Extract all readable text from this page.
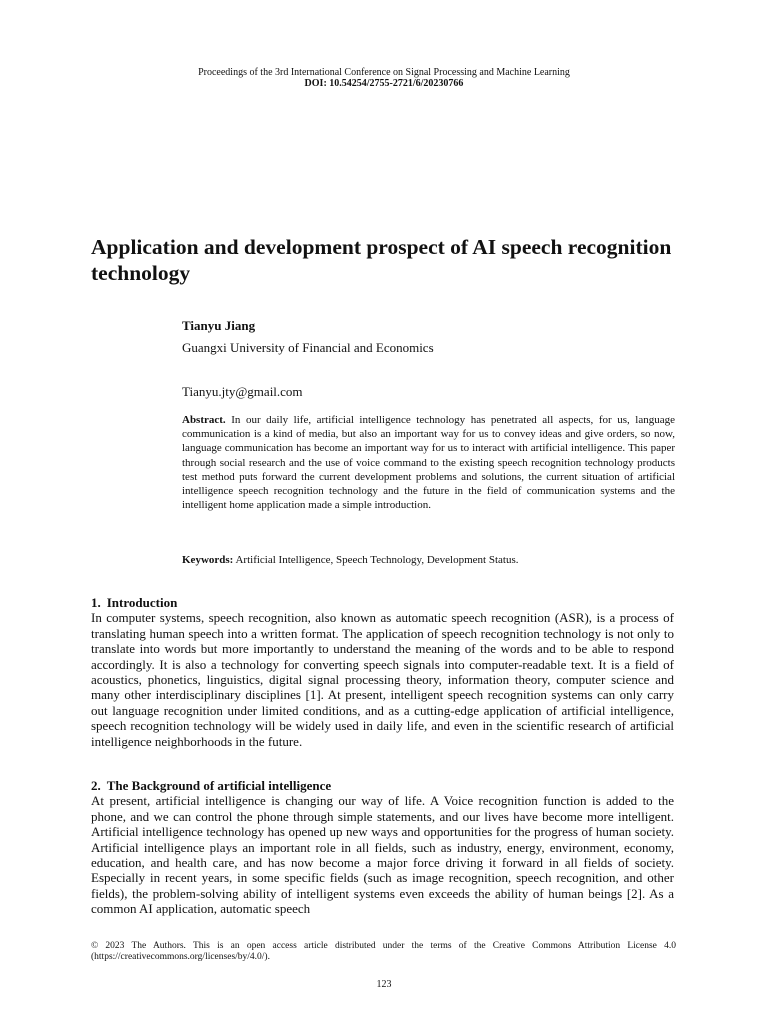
Proceedings of the 3rd International Conference on Signal Processing and Machine Learning
DOI: 10.54254/2755-2721/6/20230766
Application and development prospect of AI speech recognition technology
Tianyu Jiang
Guangxi University of Financial and Economics
Tianyu.jty@gmail.com

Abstract. In our daily life, artificial intelligence technology has penetrated all aspects, for us, language communication is a kind of media, but also an important way for us to convey ideas and give orders, so now, language communication has become an important way for us to interact with artificial intelligence. This paper through social research and the use of voice command to the existing speech recognition technology products test method puts forward the current development problems and solutions, the current situation of artificial intelligence speech recognition technology and the future in the field of communication systems and the intelligent home application made a simple introduction.

Keywords: Artificial Intelligence, Speech Technology, Development Status.

1. Introduction

In computer systems, speech recognition, also known as automatic speech recognition (ASR), is a process of translating human speech into a written format. The application of speech recognition technology is not only to translate into words but more importantly to understand the meaning of the words and to be able to respond accordingly. It is also a technology for converting speech signals into computer-readable text. It is a field of acoustics, phonetics, linguistics, digital signal processing theory, information theory, computer science and many other interdisciplinary disciplines [1]. At present, intelligent speech recognition systems can only carry out language recognition under limited conditions, and as a cutting-edge application of artificial intelligence, speech recognition technology will be widely used in daily life, and even in the scientific research of artificial intelligence neighborhoods in the future.

2. The Background of artificial intelligence

At present, artificial intelligence is changing our way of life. A Voice recognition function is added to the phone, and we can control the phone through simple statements, and our lives have become more intelligent. Artificial intelligence technology has opened up new ways and opportunities for the progress of human society. Artificial intelligence plays an important role in all fields, such as industry, energy, environment, economy, education, and health care, and has now become a major force driving it forward in all fields of society. Especially in recent years, in some specific fields (such as image recognition, speech recognition, and other fields), the problem-solving ability of intelligent systems even exceeds the ability of human beings [2]. As a common AI application, automatic speech

© 2023 The Authors. This is an open access article distributed under the terms of the Creative Commons Attribution License 4.0 (https://creativecommons.org/licenses/by/4.0/).

123
